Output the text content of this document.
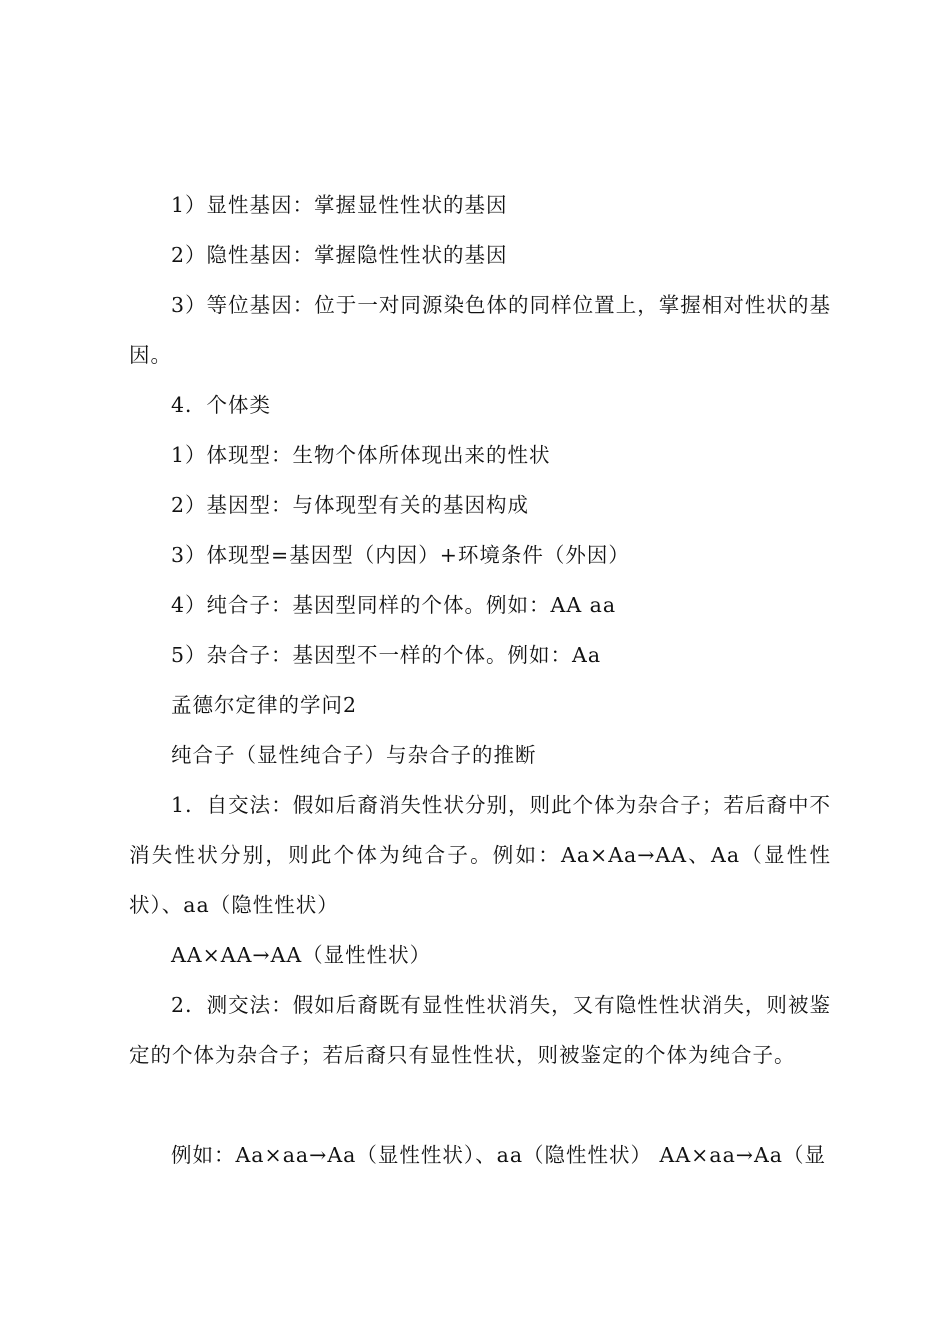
1）显性基因：掌握显性性状的基因

2）隐性基因：掌握隐性性状的基因

3）等位基因：位于一对同源染色体的同样位置上，掌握相对性状的基因。

4．个体类

1）体现型：生物个体所体现出来的性状

2）基因型：与体现型有关的基因构成

3）体现型=基因型（内因）+环境条件（外因）

4）纯合子：基因型同样的个体。例如：AA aa

5）杂合子：基因型不一样的个体。例如：Aa

孟德尔定律的学问2

纯合子（显性纯合子）与杂合子的推断

1．自交法：假如后裔消失性状分别，则此个体为杂合子；若后裔中不消失性状分别，则此个体为纯合子。例如：Aa×Aa→AA、Aa（显性性状）、aa（隐性性状）

AA×AA→AA（显性性状）

2．测交法：假如后裔既有显性性状消失，又有隐性性状消失，则被鉴定的个体为杂合子；若后裔只有显性性状，则被鉴定的个体为纯合子。

例如：Aa×aa→Aa（显性性状）、aa（隐性性状） AA×aa→Aa（显
